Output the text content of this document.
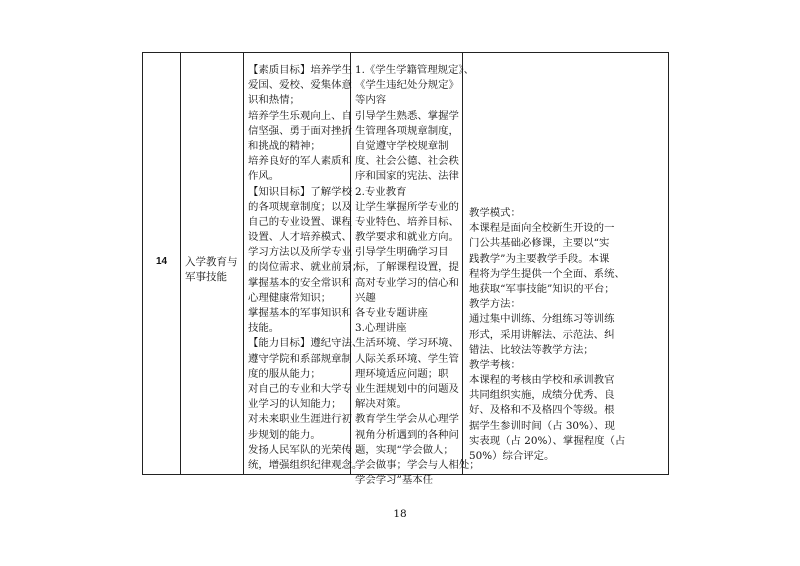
14	入学教育与
军事技能
【素质目标】培养学生
爱国、爱校、爱集体意
识和热情；
培养学生乐观向上、自
信坚强、勇于面对挫折
和挑战的精神；
培养良好的军人素质和
作风。
【知识目标】了解学校
的各项规章制度；以及
自己的专业设置、课程
设置、人才培养模式、
学习方法以及所学专业
的岗位需求、就业前景；
掌握基本的安全常识和
心理健康常知识；
掌握基本的军事知识和
技能。
【能力目标】遵纪守法、
遵守学院和系部规章制
度的服从能力；
对自己的专业和大学专
业学习的认知能力；
对未来职业生涯进行初
步规划的能力。
发扬人民军队的光荣传
统，增强组织纪律观念。
1.《学生学籍管理规定》、
《学生违纪处分规定》
等内容
引导学生熟悉、掌握学
生管理各项规章制度，
自觉遵守学校规章制
度、社会公德、社会秩
序和国家的宪法、法律
2.专业教育
让学生掌握所学专业的
专业特色、培养目标、
教学要求和就业方向。
引导学生明确学习目
标，了解课程设置，提
高对专业学习的信心和
兴趣
各专业专题讲座
3.心理讲座
生活环境、学习环境、
人际关系环境、学生管
理环境适应问题；职
业生涯规划中的问题及
解决对策。
教育学生学会从心理学
视角分析遇到的各种问
题，实现“学会做人；
学会做事；学会与人相处；
学会学习”基本任
教学模式：
本课程是面向全校新生开设的一
门公共基础必修课，主要以“实
践教学”为主要教学手段。本课
程将为学生提供一个全面、系统、
地获取“军事技能”知识的平台；
教学方法：
通过集中训练、分组练习等训练
形式，采用讲解法、示范法、纠
错法、比较法等教学方法；
教学考核：
本课程的考核由学校和承训教官
共同组织实施，成绩分优秀、良
好、及格和不及格四个等级。根
据学生参训时间（占 30%）、现
实表现（占 20%）、掌握程度（占
50%）综合评定。
18
